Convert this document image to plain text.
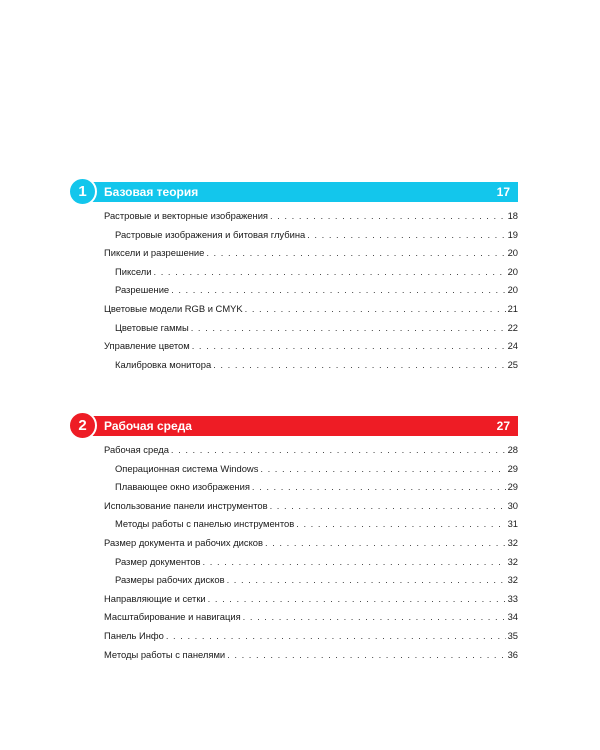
Базовая теория	17
1
Растровые и векторные изображения . . .	18
Растровые изображения и битовая глубина . . .	19
Пиксели и разрешение . . .	20
Пиксели . . .	20
Разрешение . . .	20
Цветовые модели RGB и CMYK . . .	21
Цветовые гаммы . . .	22
Управление цветом . . .	24
Калибровка монитора . . .	25
Рабочая среда	27
2
Рабочая среда . . .	28
Операционная система Windows . . .	29
Плавающее окно изображения . . .	29
Использование панели инструментов . . .	30
Методы работы с панелью инструментов . . .	31
Размер документа и рабочих дисков . . .	32
Размер документов . . .	32
Размеры рабочих дисков . . .	32
Направляющие и сетки . . .	33
Масштабирование и навигация . . .	34
Панель Инфо . . .	35
Методы работы с панелями . . .	36
